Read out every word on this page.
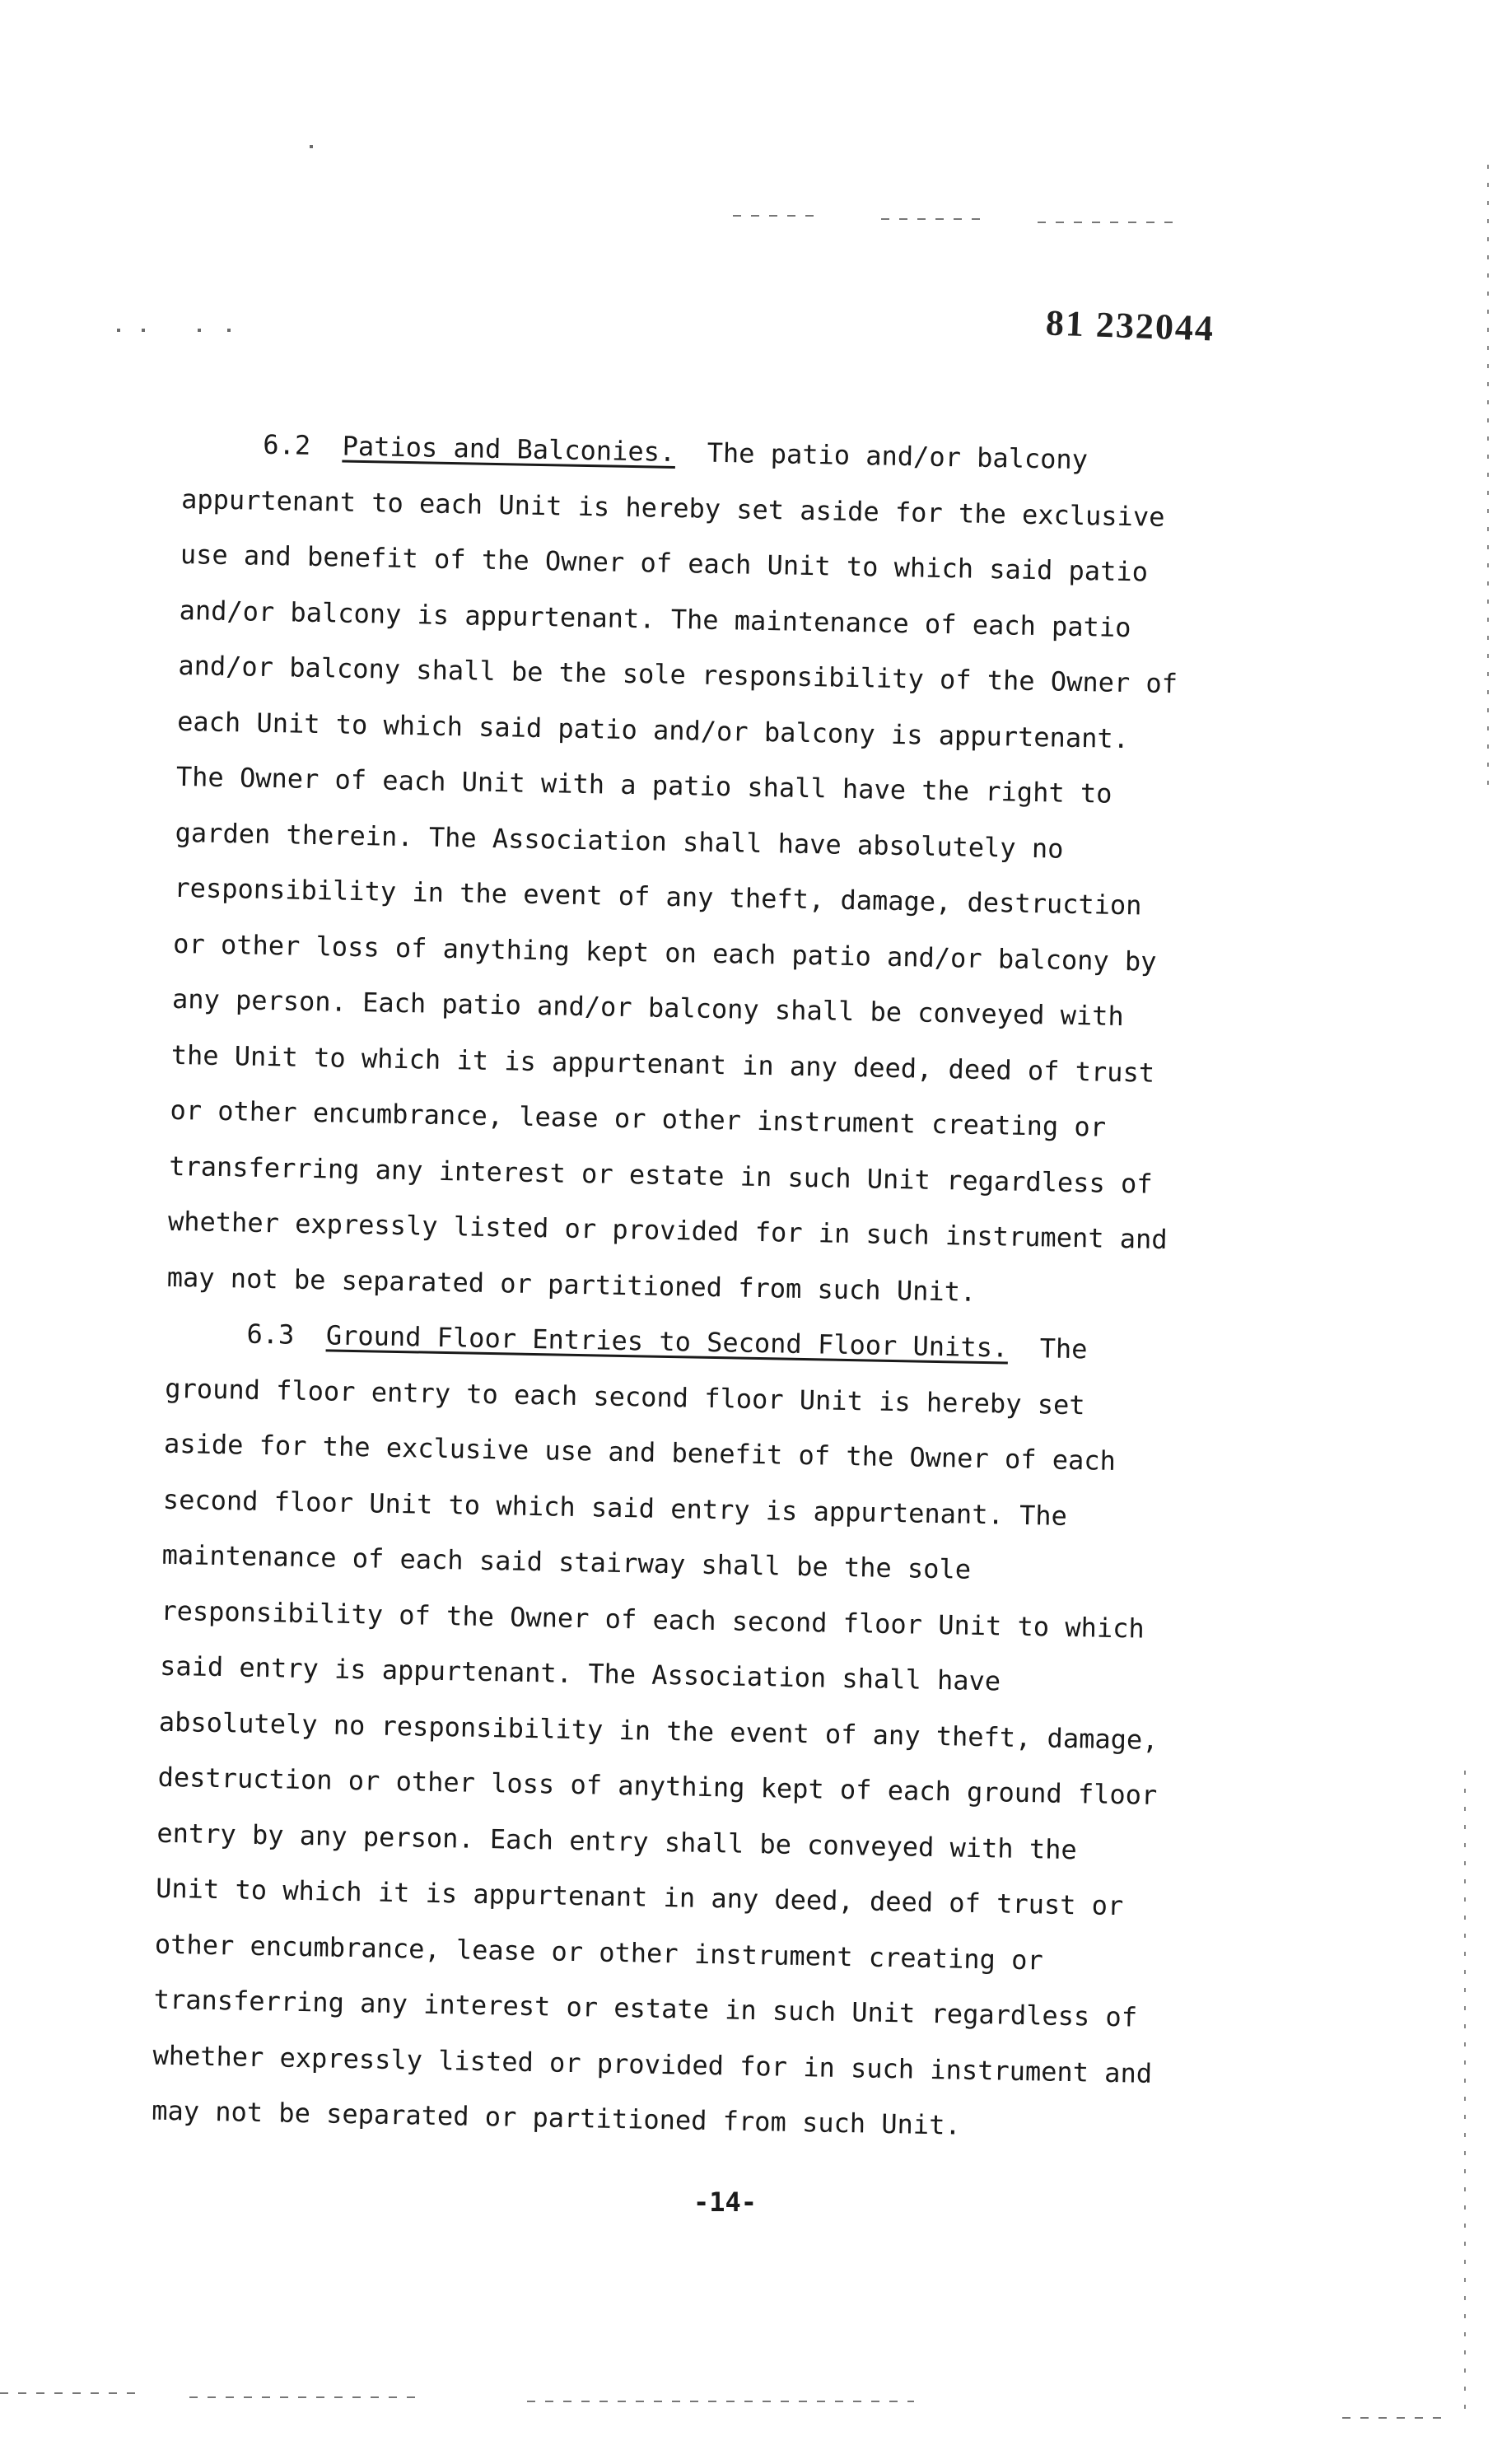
81 232044
6.2 Patios and Balconies. The patio and/or balcony
appurtenant to each Unit is hereby set aside for the exclusive
use and benefit of the Owner of each Unit to which said patio
and/or balcony is appurtenant. The maintenance of each patio
and/or balcony shall be the sole responsibility of the Owner of
each Unit to which said patio and/or balcony is appurtenant.
The Owner of each Unit with a patio shall have the right to
garden therein. The Association shall have absolutely no
responsibility in the event of any theft, damage, destruction
or other loss of anything kept on each patio and/or balcony by
any person. Each patio and/or balcony shall be conveyed with
the Unit to which it is appurtenant in any deed, deed of trust
or other encumbrance, lease or other instrument creating or
transferring any interest or estate in such Unit regardless of
whether expressly listed or provided for in such instrument and
may not be separated or partitioned from such Unit.
6.3 Ground Floor Entries to Second Floor Units. The
ground floor entry to each second floor Unit is hereby set
aside for the exclusive use and benefit of the Owner of each
second floor Unit to which said entry is appurtenant. The
maintenance of each said stairway shall be the sole
responsibility of the Owner of each second floor Unit to which
said entry is appurtenant. The Association shall have
absolutely no responsibility in the event of any theft, damage,
destruction or other loss of anything kept of each ground floor
entry by any person. Each entry shall be conveyed with the
Unit to which it is appurtenant in any deed, deed of trust or
other encumbrance, lease or other instrument creating or
transferring any interest or estate in such Unit regardless of
whether expressly listed or provided for in such instrument and
may not be separated or partitioned from such Unit.
-14-
